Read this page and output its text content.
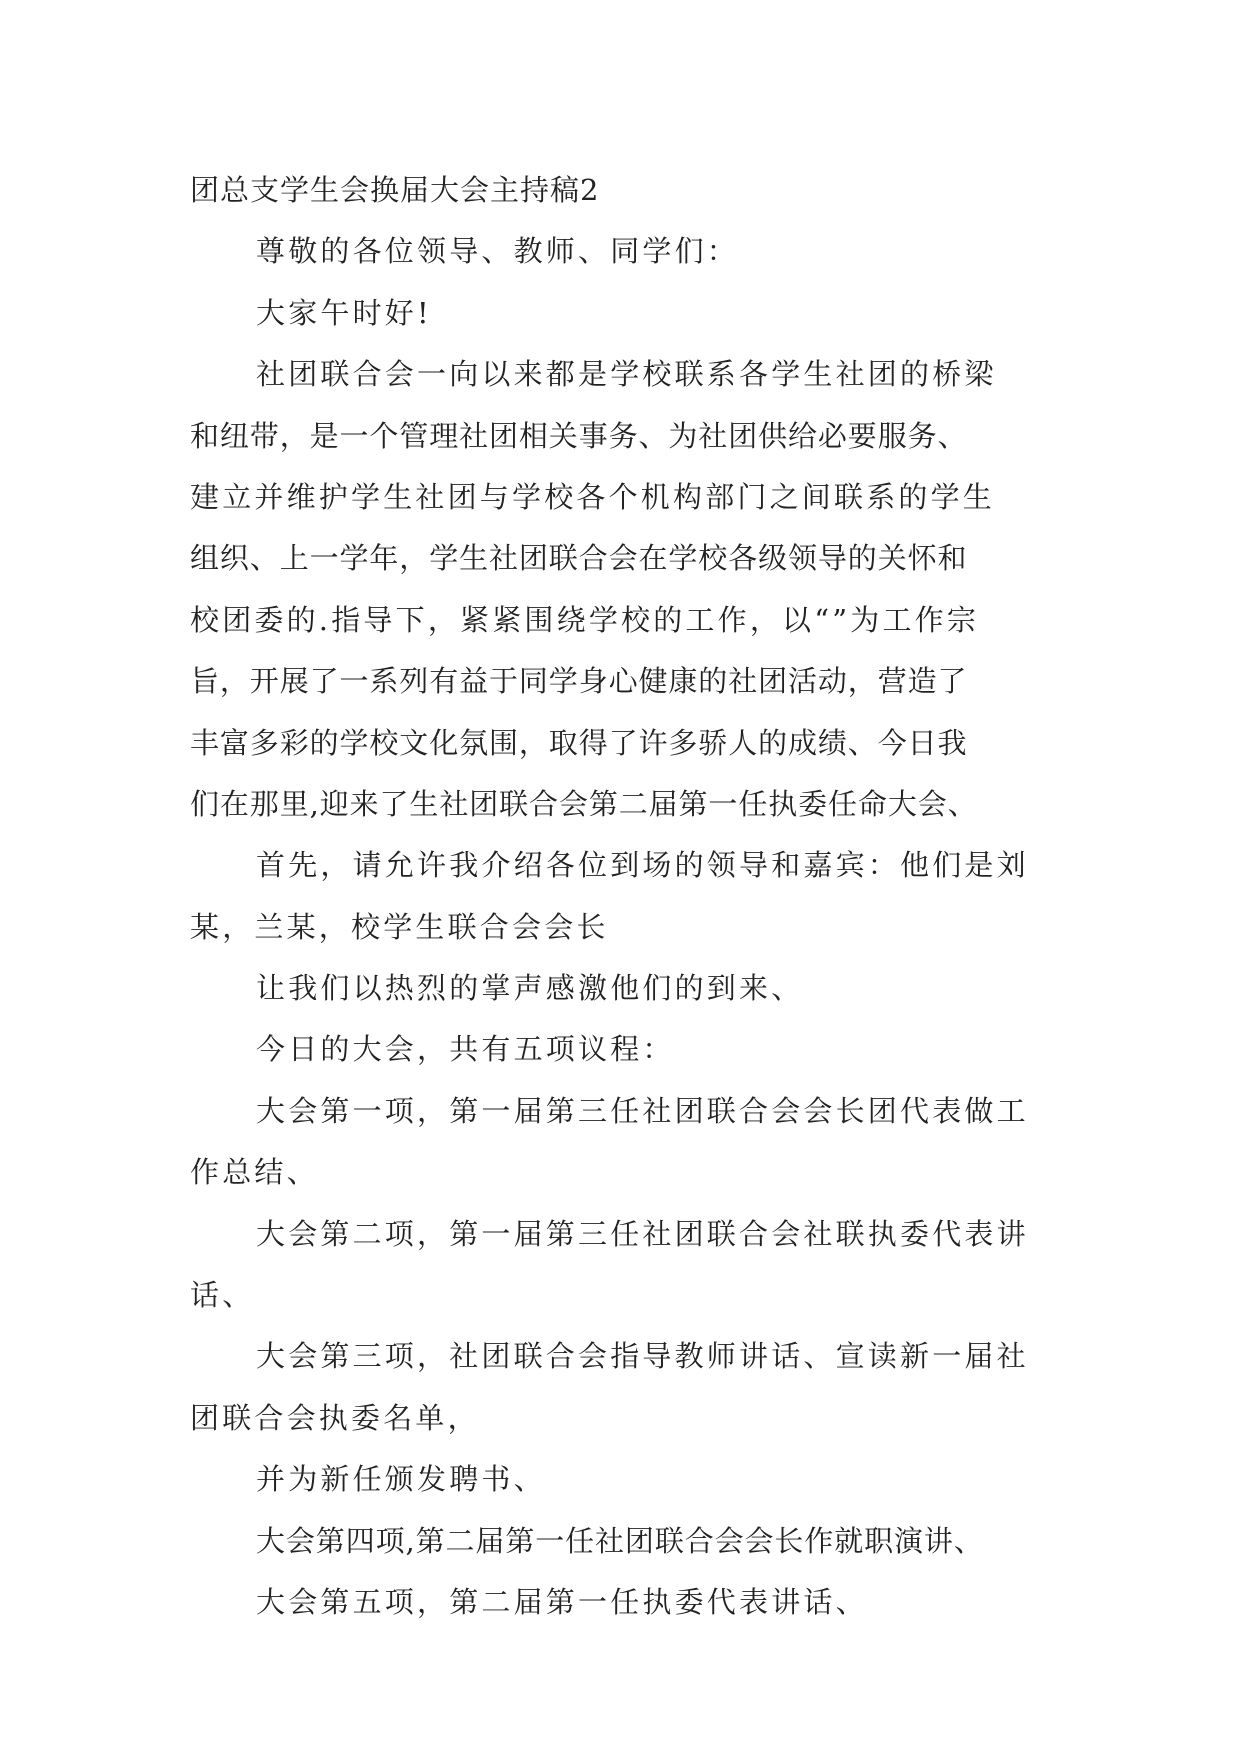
团总支学生会换届大会主持稿2
尊敬的各位领导、教师、同学们：
大家午时好!
社团联合会一向以来都是学校联系各学生社团的桥梁
和纽带，是一个管理社团相关事务、为社团供给必要服务、
建立并维护学生社团与学校各个机构部门之间联系的学生
组织、上一学年，学生社团联合会在学校各级领导的关怀和
校团委的.指导下，紧紧围绕学校的工作，以“”为工作宗
旨，开展了一系列有益于同学身心健康的社团活动，营造了
丰富多彩的学校文化氛围，取得了许多骄人的成绩、今日我
们在那里,迎来了生社团联合会第二届第一任执委任命大会、
首先，请允许我介绍各位到场的领导和嘉宾：他们是刘
某，兰某，校学生联合会会长
让我们以热烈的掌声感激他们的到来、
今日的大会，共有五项议程：
大会第一项，第一届第三任社团联合会会长团代表做工
作总结、
大会第二项，第一届第三任社团联合会社联执委代表讲
话、
大会第三项，社团联合会指导教师讲话、宣读新一届社
团联合会执委名单，
并为新任颁发聘书、
大会第四项,第二届第一任社团联合会会长作就职演讲、
大会第五项，第二届第一任执委代表讲话、
